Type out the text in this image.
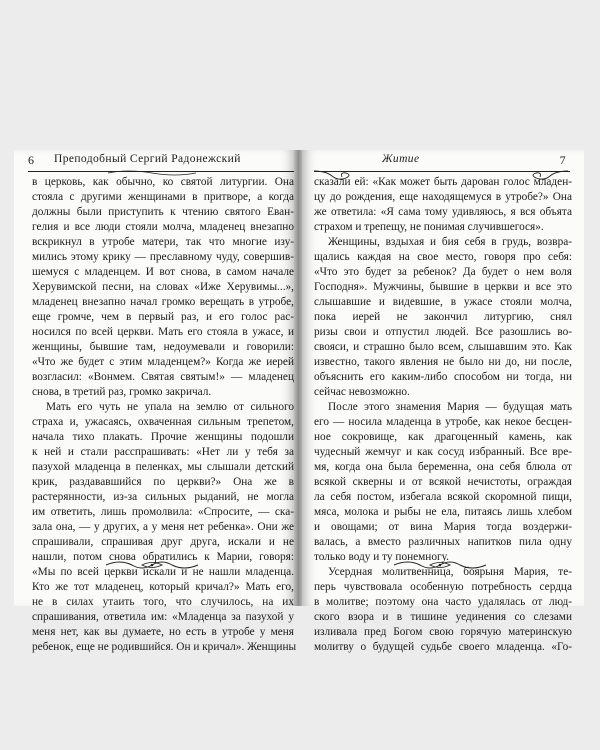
6 Преподобный Сергий Радонежский
в церковь, как обычно, ко святой литургии. Она
стояла с другими женщинами в притворе, а когда
должны были приступить к чтению святого Еван-
гелия и все люди стояли молча, младенец внезапно
вскрикнул в утробе матери, так что многие изу-
мились этому крику — преславному чуду, совершив-
шемуся с младенцем. И вот снова, в самом начале
Херувимской песни, на словах «Иже Херувимы...»,
младенец внезапно начал громко верещать в утробе,
еще громче, чем в первый раз, и его голос рас-
носился по всей церкви. Мать его стояла в ужасе, и
женщины, бывшие там, недоумевали и говорили:
«Что же будет с этим младенцем?» Когда же иерей
возгласил: «Вонмем. Святая святым!» — младенец
снова, в третий раз, громко закричал.
Мать его чуть не упала на землю от сильного
страха и, ужасаясь, охваченная сильным трепетом,
начала тихо плакать. Прочие женщины подошли
к ней и стали расспрашивать: «Нет ли у тебя за
пазухой младенца в пеленках, мы слышали детский
крик, раздававшийся по церкви?» Она же в
растерянности, из-за сильных рыданий, не могла
им ответить, лишь промолвила: «Спросите, — ска-
зала она, — у других, а у меня нет ребенка». Они же
спрашивали, спрашивая друг друга, искали и не
нашли, потом снова обратились к Марии, говоря:
«Мы по всей церкви искали и не нашли младенца.
Кто же тот младенец, который кричал?» Мать его,
не в силах утаить того, что случилось, на их
спрашивания, ответила им: «Младенца за пазухой у
меня нет, как вы думаете, но есть в утробе у меня
ребенок, еще не родившийся. Он и кричал». Женщины
Житие	7
сказали ей: «Как может быть дарован голос младен-
цу до рождения, еще находящемуся в утробе?» Она
же ответила: «Я сама тому удивляюсь, я вся объята
страхом и трепещу, не понимая случившегося».
Женщины, вздыхая и бия себя в грудь, возвра-
щались каждая на свое место, говоря про себя:
«Что это будет за ребенок? Да будет о нем воля
Господня». Мужчины, бывшие в церкви и все это
слышавшие и видевшие, в ужасе стояли молча,
пока иерей не закончил литургию, снял
ризы свои и отпустил людей. Все разошлись во-
свояси, и страшно было всем, слышавшим это. Как
известно, такого явления не было ни до, ни после,
объяснить его каким-либо способом ни тогда, ни
сейчас невозможно.
После этого знамения Мария — будущая мать
его — носила младенца в утробе, как некое бесцен-
ное сокровище, как драгоценный камень, как
чудесный жемчуг и как сосуд избранный. Все вре-
мя, когда она была беременна, она себя блюла от
всякой скверны и от всякой нечистоты, ограждая
ла себя постом, избегала всякой скоромной пищи,
мяса, молока и рыбы не ела, питаясь лишь хлебом
и овощами; от вина Мария тогда воздержи-
валась, а вместо различных напитков пила одну
только воду и ту понемногу.
Усердная молитвенница, боярыня Мария, те-
перь чувствовала особенную потребность сердца
в молитве; поэтому она часто удалялась от люд-
ского взора и в тишине уединения со слезами
изливала пред Богом свою горячую материнскую
молитву о будущей судьбе своего младенца. «Го-
